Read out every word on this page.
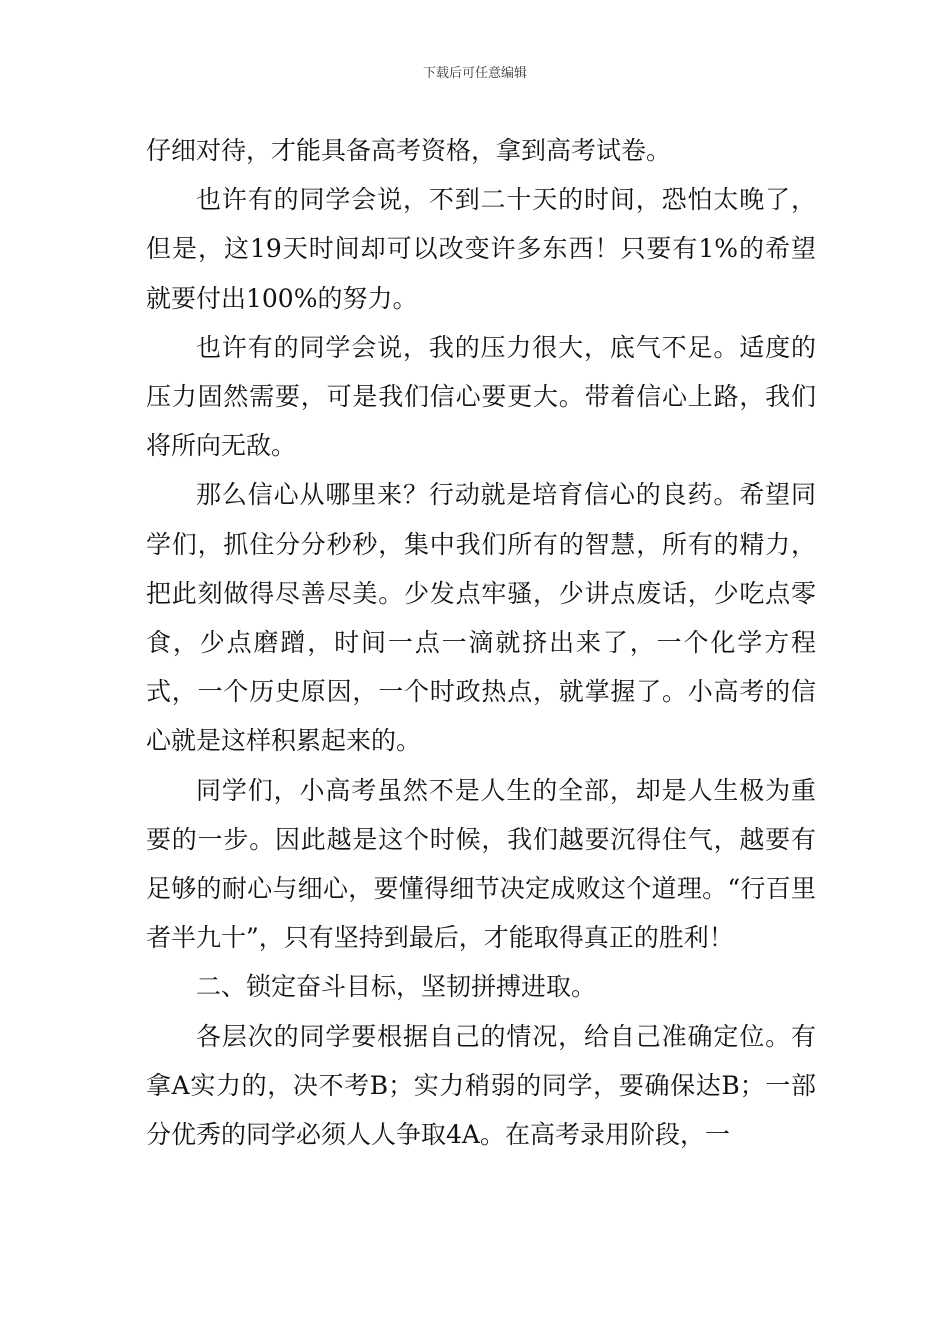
下载后可任意编辑

仔细对待，才能具备高考资格，拿到高考试卷。

也许有的同学会说，不到二十天的时间，恐怕太晚了，但是，这19天时间却可以改变许多东西！只要有1%的希望就要付出100%的努力。

也许有的同学会说，我的压力很大，底气不足。适度的压力固然需要，可是我们信心要更大。带着信心上路，我们将所向无敌。

那么信心从哪里来？行动就是培育信心的良药。希望同学们，抓住分分秒秒，集中我们所有的智慧，所有的精力，把此刻做得尽善尽美。少发点牢骚，少讲点废话，少吃点零食，少点磨蹭，时间一点一滴就挤出来了，一个化学方程式，一个历史原因，一个时政热点，就掌握了。小高考的信心就是这样积累起来的。

同学们，小高考虽然不是人生的全部，却是人生极为重要的一步。因此越是这个时候，我们越要沉得住气，越要有足够的耐心与细心，要懂得细节决定成败这个道理。“行百里者半九十”，只有坚持到最后，才能取得真正的胜利！

二、锁定奋斗目标，坚韧拼搏进取。

各层次的同学要根据自己的情况，给自己准确定位。有拿A实力的，决不考B；实力稍弱的同学，要确保达B；一部分优秀的同学必须人人争取4A。在高考录用阶段，一
